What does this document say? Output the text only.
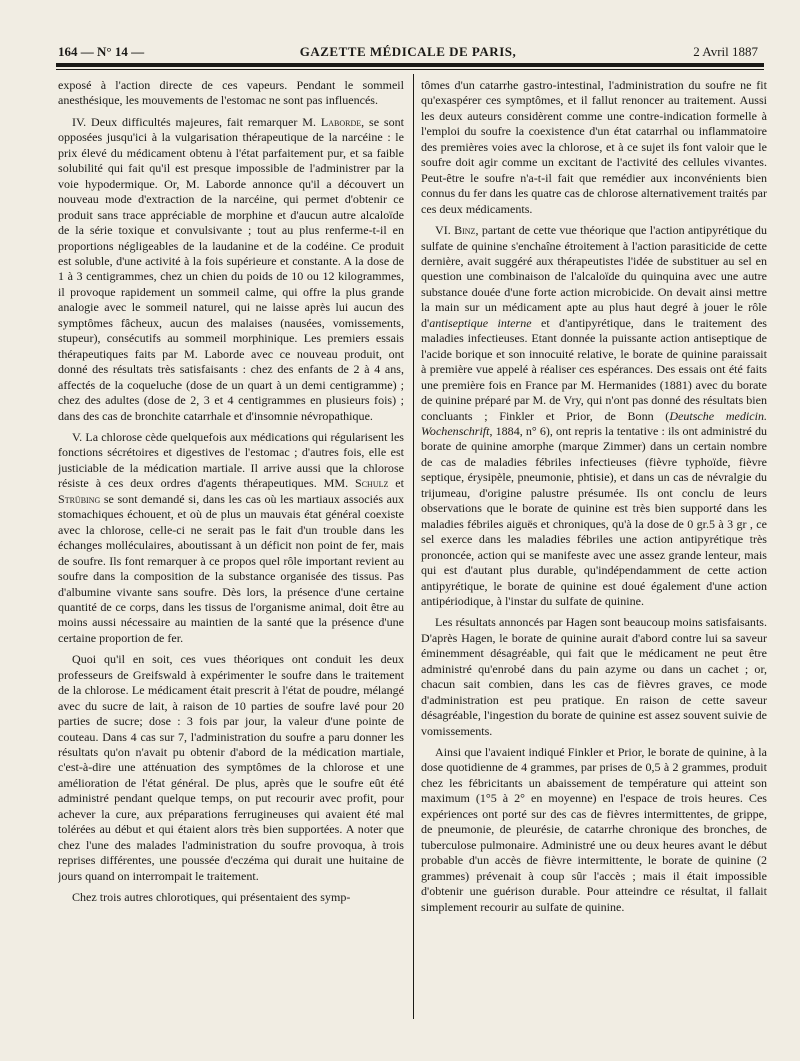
164 — N° 14 —	GAZETTE MÉDICALE DE PARIS,	2 Avril 1887

exposé à l'action directe de ces vapeurs. Pendant le sommeil anesthésique, les mouvements de l'estomac ne sont pas influencés.

IV. Deux difficultés majeures, fait remarquer M. Laborde, se sont opposées jusqu'ici à la vulgarisation thérapeutique de la narcéine : le prix élevé du médicament obtenu à l'état parfaitement pur, et sa faible solubilité qui fait qu'il est presque impossible de l'administrer par la voie hypodermique. Or, M. Laborde annonce qu'il a découvert un nouveau mode d'extraction de la narcéine, qui permet d'obtenir ce produit sans trace appréciable de morphine et d'aucun autre alcaloïde de la série toxique et convulsivante ; tout au plus renferme-t-il en proportions négligeables de la laudanine et de la codéine. Ce produit est soluble, d'une activité à la fois supérieure et constante. A la dose de 1 à 3 centigrammes, chez un chien du poids de 10 ou 12 kilogrammes, il provoque rapidement un sommeil calme, qui offre la plus grande analogie avec le sommeil naturel, qui ne laisse après lui aucun des symptômes fâcheux, aucun des malaises (nausées, vomissements, stupeur), consécutifs au sommeil morphinique. Les premiers essais thérapeutiques faits par M. Laborde avec ce nouveau produit, ont donné des résultats très satisfaisants : chez des enfants de 2 à 4 ans, affectés de la coqueluche (dose de un quart à un demi centigramme) ; chez des adultes (dose de 2, 3 et 4 centigrammes en plusieurs fois) ; dans des cas de bronchite catarrhale et d'insomnie névropathique.

V. La chlorose cède quelquefois aux médications qui régularisent les fonctions sécrétoires et digestives de l'estomac ; d'autres fois, elle est justiciable de la médication martiale. Il arrive aussi que la chlorose résiste à ces deux ordres d'agents thérapeutiques. MM. Schulz et Strübing se sont demandé si, dans les cas où les martiaux associés aux stomachiques échouent, et où de plus un mauvais état général coexiste avec la chlorose, celle-ci ne serait pas le fait d'un trouble dans les échanges molléculaires, aboutissant à un déficit non point de fer, mais de soufre. Ils font remarquer à ce propos quel rôle important revient au soufre dans la composition de la substance organisée des tissus. Pas d'albumine vivante sans soufre. Dès lors, la présence d'une certaine quantité de ce corps, dans les tissus de l'organisme animal, doit être au moins aussi nécessaire au maintien de la santé que la présence d'une certaine proportion de fer.

Quoi qu'il en soit, ces vues théoriques ont conduit les deux professeurs de Greifswald à expérimenter le soufre dans le traitement de la chlorose. Le médicament était prescrit à l'état de poudre, mélangé avec du sucre de lait, à raison de 10 parties de soufre lavé pour 20 parties de sucre; dose : 3 fois par jour, la valeur d'une pointe de couteau. Dans 4 cas sur 7, l'administration du soufre a paru donner les résultats qu'on n'avait pu obtenir d'abord de la médication martiale, c'est-à-dire une atténuation des symptômes de la chlorose et une amélioration de l'état général. De plus, après que le soufre eût été administré pendant quelque temps, on put recourir avec profit, pour achever la cure, aux préparations ferrugineuses qui avaient été mal tolérées au début et qui étaient alors très bien supportées. A noter que chez l'une des malades l'administration du soufre provoqua, à trois reprises différentes, une poussée d'eczéma qui durait une huitaine de jours quand on interrompait le traitement.

Chez trois autres chlorotiques, qui présentaient des symp-

tômes d'un catarrhe gastro-intestinal, l'administration du soufre ne fit qu'exaspérer ces symptômes, et il fallut renoncer au traitement. Aussi les deux auteurs considèrent comme une contre-indication formelle à l'emploi du soufre la coexistence d'un état catarrhal ou inflammatoire des premières voies avec la chlorose, et à ce sujet ils font valoir que le soufre doit agir comme un excitant de l'activité des cellules vivantes. Peut-être le soufre n'a-t-il fait que remédier aux inconvénients bien connus du fer dans les quatre cas de chlorose alternativement traités par ces deux médicaments.

VI. Binz, partant de cette vue théorique que l'action antipyrétique du sulfate de quinine s'enchaîne étroitement à l'action parasiticide de cette dernière, avait suggéré aux thérapeutistes l'idée de substituer au sel en question une combinaison de l'alcaloïde du quinquina avec une autre substance douée d'une forte action microbicide. On devait ainsi mettre la main sur un médicament apte au plus haut degré à jouer le rôle d'antiseptique interne et d'antipyrétique, dans le traitement des maladies infectieuses. Etant donnée la puissante action antiseptique de l'acide borique et son innocuité relative, le borate de quinine paraissait à première vue appelé à réaliser ces espérances. Des essais ont été faits une première fois en France par M. Hermanides (1881) avec du borate de quinine préparé par M. de Vry, qui n'ont pas donné des résultats bien concluants ; Finkler et Prior, de Bonn (Deutsche medicin. Wochenschrift, 1884, n° 6), ont repris la tentative : ils ont administré du borate de quinine amorphe (marque Zimmer) dans un certain nombre de cas de maladies fébriles infectieuses (fièvre typhoïde, fièvre septique, érysipèle, pneumonie, phtisie), et dans un cas de névralgie du trijumeau, d'origine palustre présumée. Ils ont conclu de leurs observations que le borate de quinine est très bien supporté dans les maladies fébriles aiguës et chroniques, qu'à la dose de 0 gr.5 à 3 gr , ce sel exerce dans les maladies fébriles une action antipyrétique très prononcée, action qui se manifeste avec une assez grande lenteur, mais qui est d'autant plus durable, qu'indépendamment de cette action antipyrétique, le borate de quinine est doué également d'une action antipériodique, à l'instar du sulfate de quinine.

Les résultats annoncés par Hagen sont beaucoup moins satisfaisants. D'après Hagen, le borate de quinine aurait d'abord contre lui sa saveur éminemment désagréable, qui fait que le médicament ne peut être administré qu'enrobé dans du pain azyme ou dans un cachet ; or, chacun sait combien, dans les cas de fièvres graves, ce mode d'administration est peu pratique. En raison de cette saveur désagréable, l'ingestion du borate de quinine est assez souvent suivie de vomissements.

Ainsi que l'avaient indiqué Finkler et Prior, le borate de quinine, à la dose quotidienne de 4 grammes, par prises de 0,5 à 2 grammes, produit chez les fébricitants un abaissement de température qui atteint son maximum (1°5 à 2° en moyenne) en l'espace de trois heures. Ces expériences ont porté sur des cas de fièvres intermittentes, de grippe, de pneumonie, de pleurésie, de catarrhe chronique des bronches, de tuberculose pulmonaire. Administré une ou deux heures avant le début probable d'un accès de fièvre intermittente, le borate de quinine (2 grammes) prévenait à coup sûr l'accès ; mais il était impossible d'obtenir une guérison durable. Pour atteindre ce résultat, il fallait simplement recourir au sulfate de quinine.
